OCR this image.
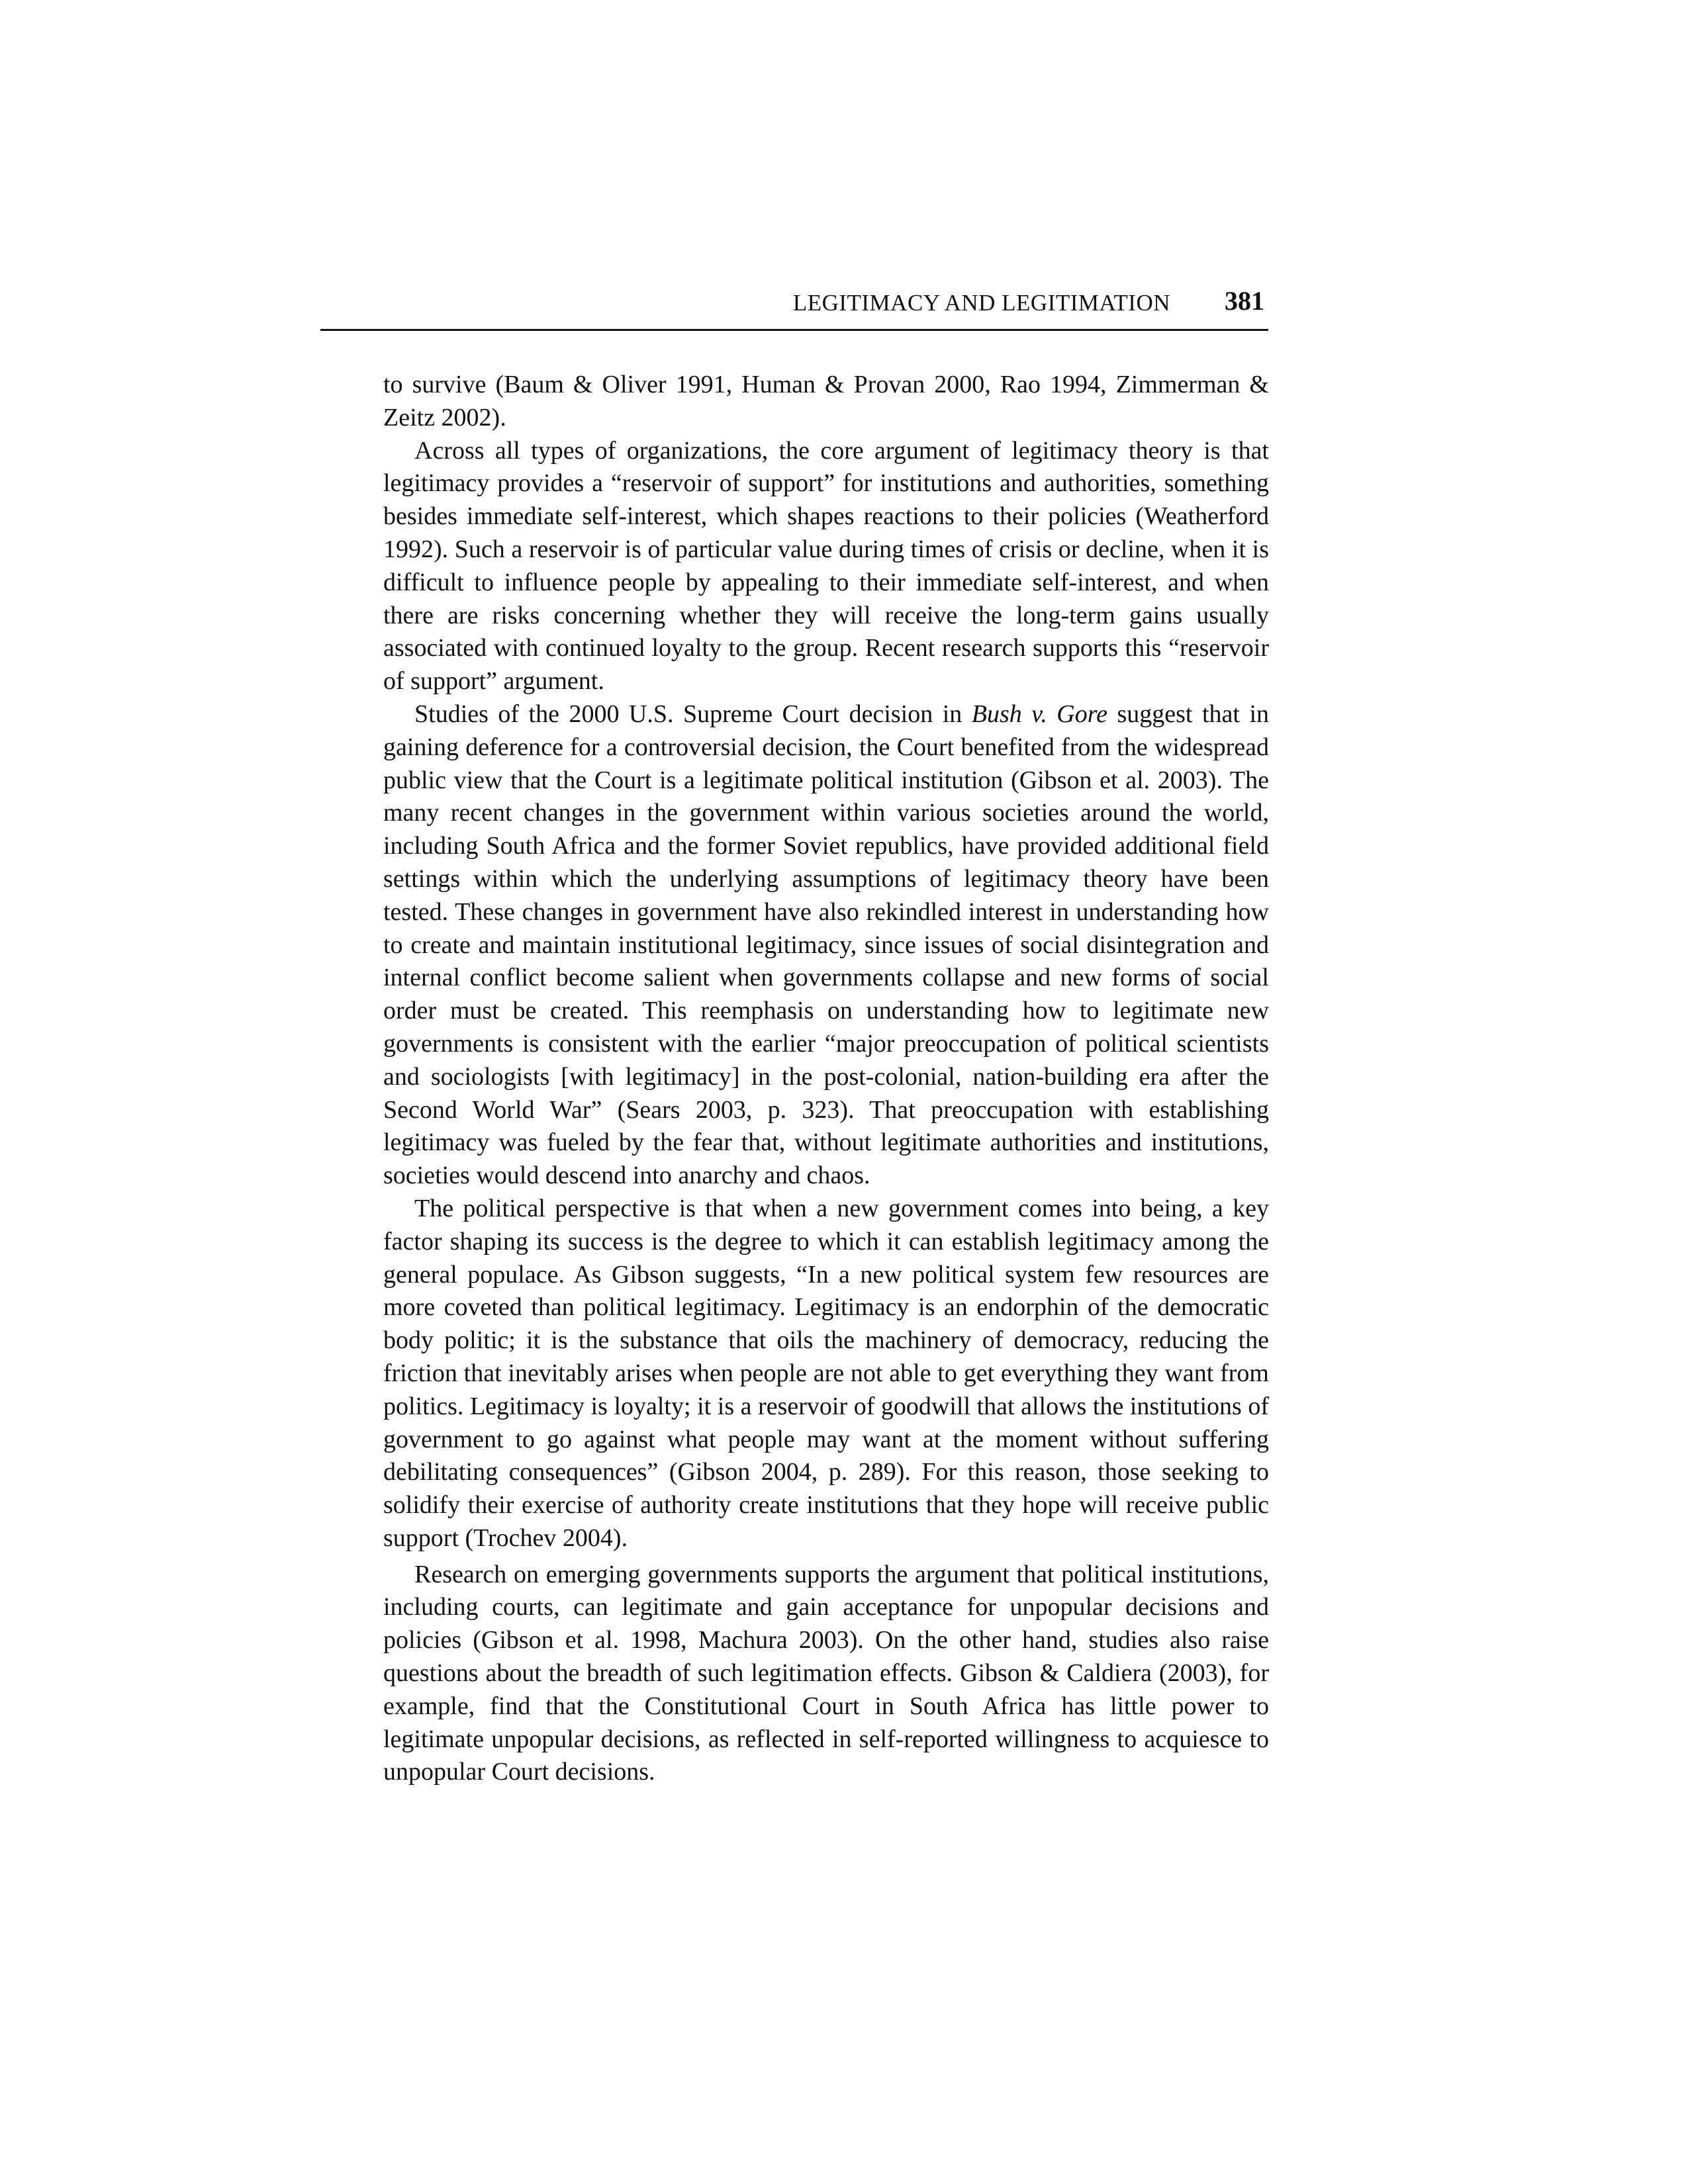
LEGITIMACY AND LEGITIMATION 381

to survive (Baum & Oliver 1991, Human & Provan 2000, Rao 1994, Zimmerman & Zeitz 2002).

Across all types of organizations, the core argument of legitimacy theory is that legitimacy provides a “reservoir of support” for institutions and authorities, something besides immediate self-interest, which shapes reactions to their policies (Weatherford 1992). Such a reservoir is of particular value during times of crisis or decline, when it is difficult to influence people by appealing to their immediate self-interest, and when there are risks concerning whether they will receive the long-term gains usually associated with continued loyalty to the group. Recent research supports this “reservoir of support” argument.

Studies of the 2000 U.S. Supreme Court decision in Bush v. Gore suggest that in gaining deference for a controversial decision, the Court benefited from the widespread public view that the Court is a legitimate political institution (Gibson et al. 2003). The many recent changes in the government within various societies around the world, including South Africa and the former Soviet republics, have provided additional field settings within which the underlying assumptions of legitimacy theory have been tested. These changes in government have also rekindled interest in understanding how to create and maintain institutional legitimacy, since issues of social disintegration and internal conflict become salient when governments collapse and new forms of social order must be created. This reemphasis on understanding how to legitimate new governments is consistent with the earlier “major preoccupation of political scientists and sociologists [with legitimacy] in the post-colonial, nation-building era after the Second World War” (Sears 2003, p. 323). That preoccupation with establishing legitimacy was fueled by the fear that, without legitimate authorities and institutions, societies would descend into anarchy and chaos.

The political perspective is that when a new government comes into being, a key factor shaping its success is the degree to which it can establish legitimacy among the general populace. As Gibson suggests, “In a new political system few resources are more coveted than political legitimacy. Legitimacy is an endorphin of the democratic body politic; it is the substance that oils the machinery of democracy, reducing the friction that inevitably arises when people are not able to get everything they want from politics. Legitimacy is loyalty; it is a reservoir of goodwill that allows the institutions of government to go against what people may want at the moment without suffering debilitating consequences” (Gibson 2004, p. 289). For this reason, those seeking to solidify their exercise of authority create institutions that they hope will receive public support (Trochev 2004).

Research on emerging governments supports the argument that political institutions, including courts, can legitimate and gain acceptance for unpopular decisions and policies (Gibson et al. 1998, Machura 2003). On the other hand, studies also raise questions about the breadth of such legitimation effects. Gibson & Caldiera (2003), for example, find that the Constitutional Court in South Africa has little power to legitimate unpopular decisions, as reflected in self-reported willingness to acquiesce to unpopular Court decisions.
